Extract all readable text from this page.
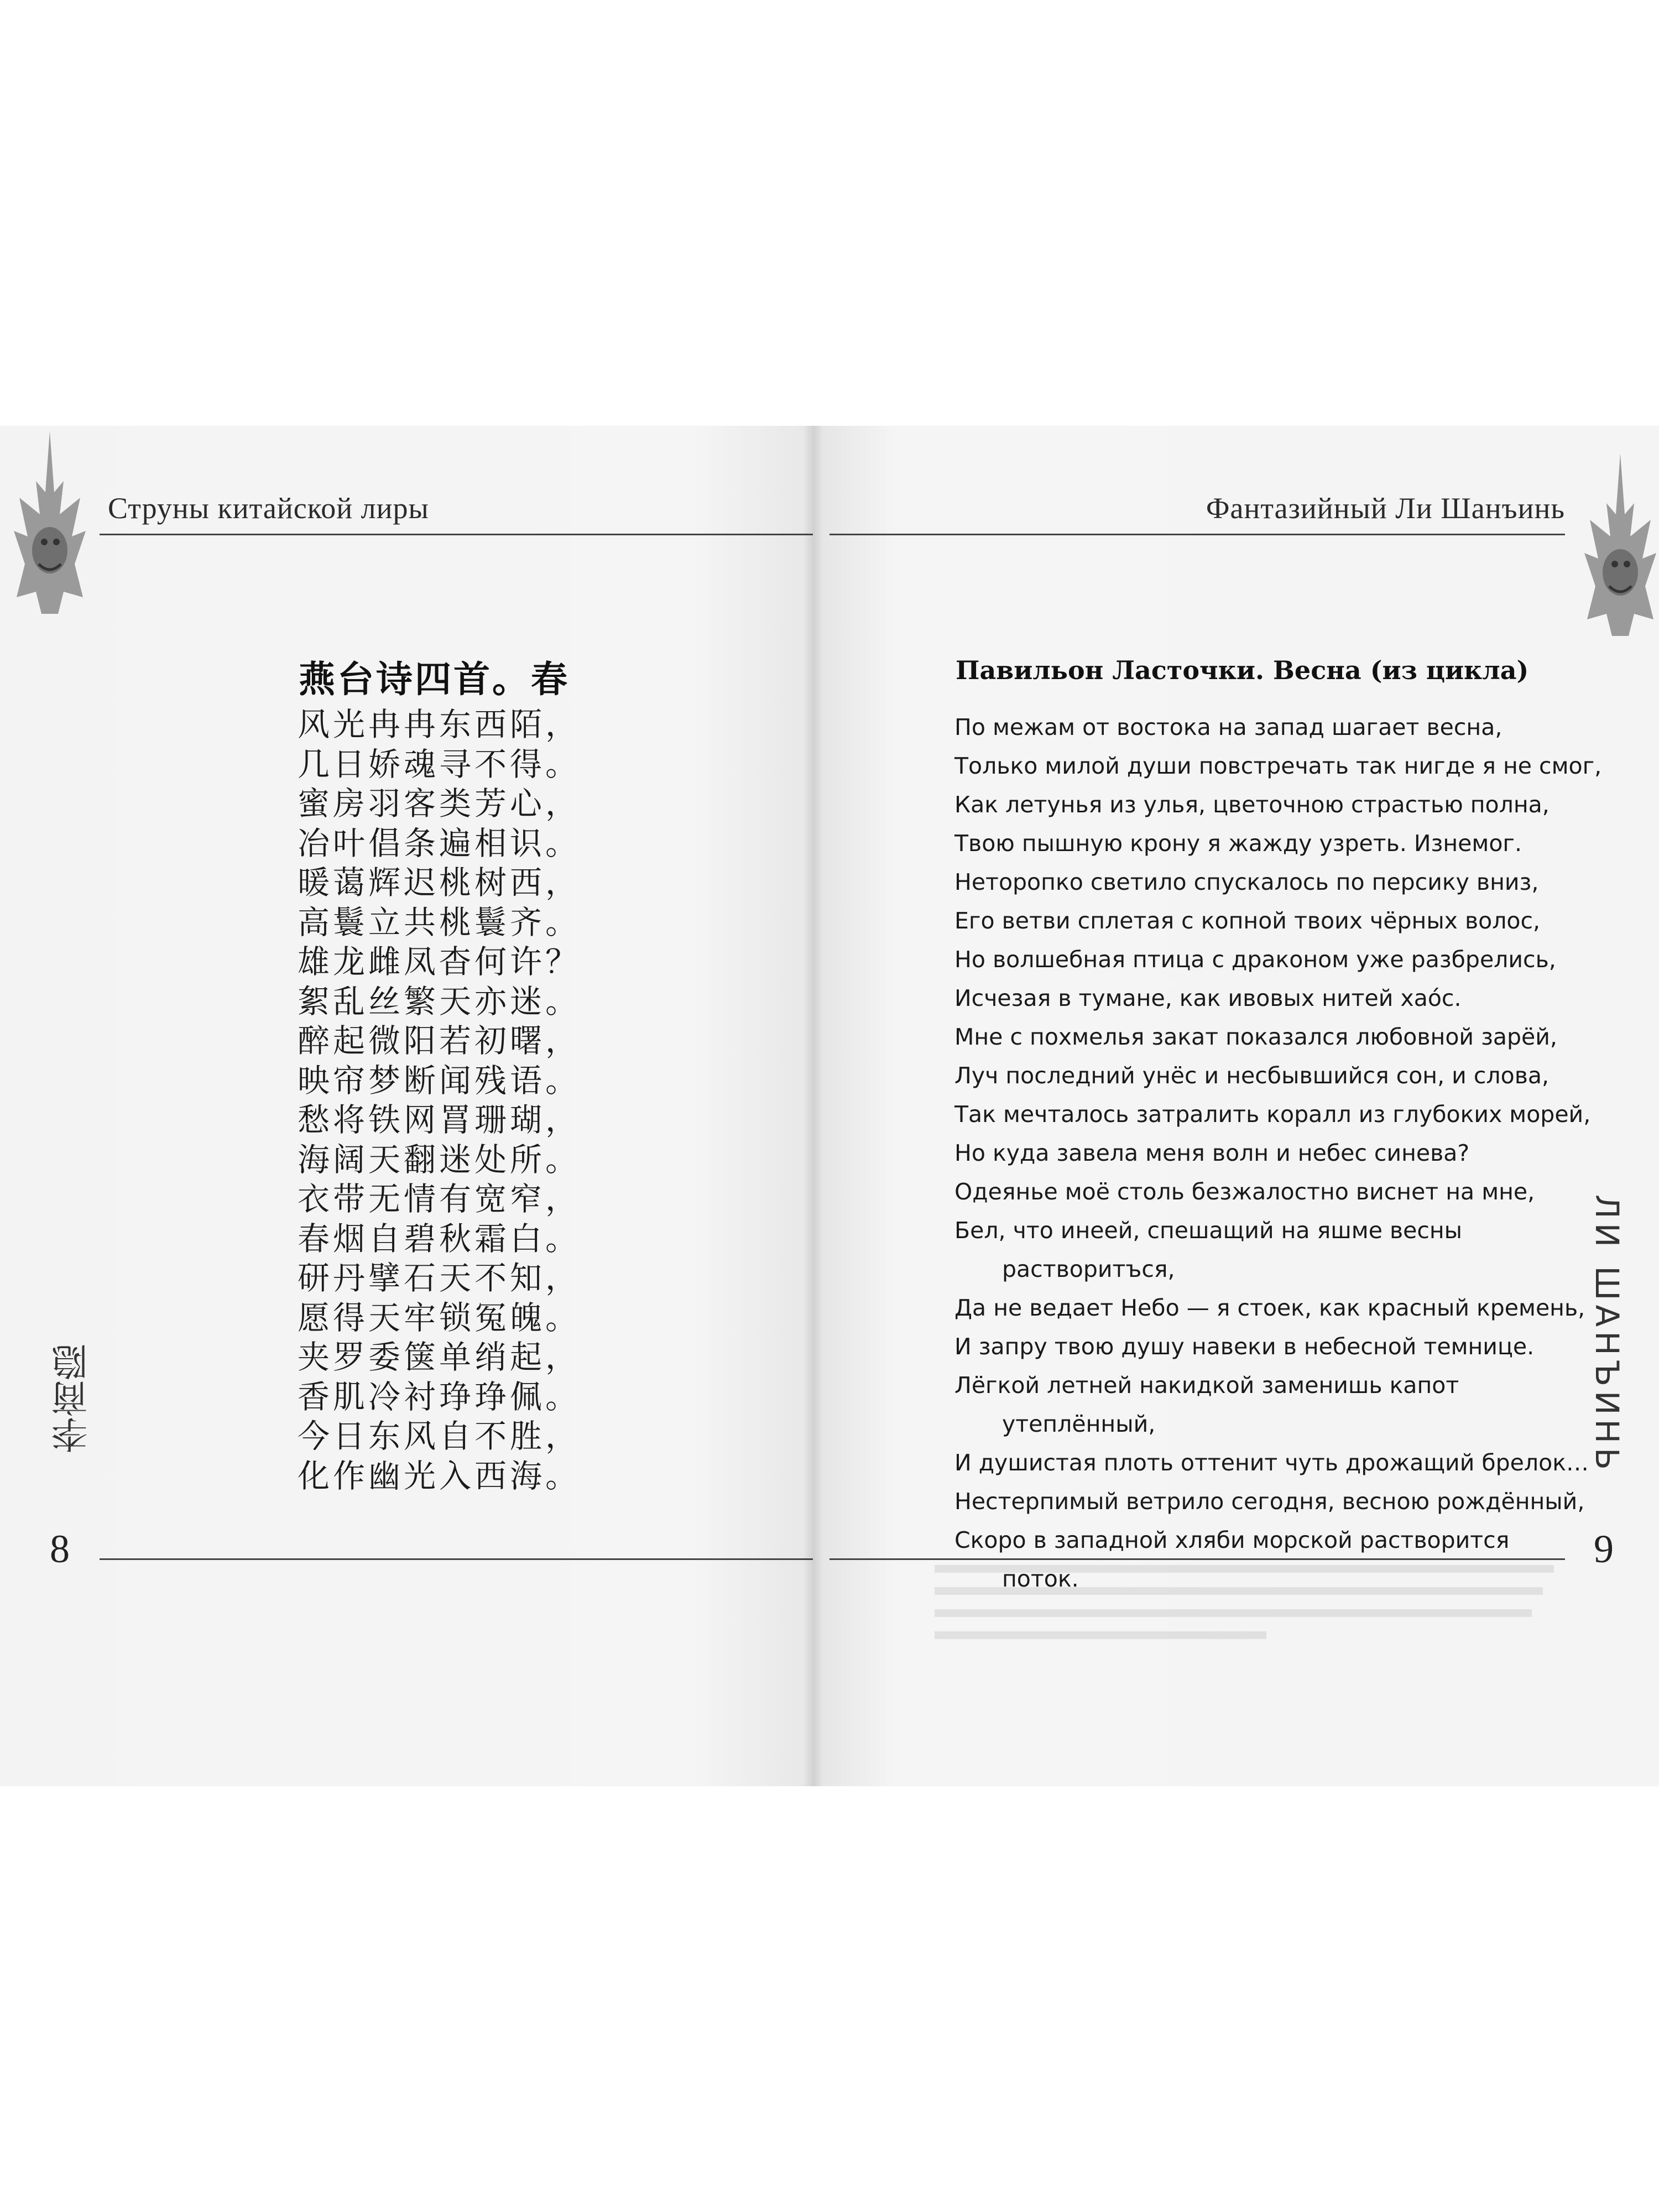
Струны китайской лиры	Фантазийный Ли Шанъинь
燕台诗四首。春
风光冉冉东西陌，
几日娇魂寻不得。
蜜房羽客类芳心，
冶叶倡条遍相识。
暖蔼辉迟桃树西，
高鬟立共桃鬟齐。
雄龙雌凤杳何许？
絮乱丝繁天亦迷。
醉起微阳若初曙，
映帘梦断闻残语。
愁将铁网罥珊瑚，
海阔天翻迷处所。
衣带无情有宽窄，
春烟自碧秋霜白。
研丹擘石天不知，
愿得天牢锁冤魄。
夹罗委箧单绡起，
香肌冷衬琤琤佩。
今日东风自不胜，
化作幽光入西海。
Павильон Ласточки. Весна (из цикла)
По межам от востока на запад шагает весна,
Только милой души повстречать так нигде я не смог,
Как летунья из улья, цветочною страстью полна,
Твою пышную крону я жажду узреть. Изнемог.
Неторопко светило спускалось по персику вниз,
Его ветви сплетая с копной твоих чёрных волос,
Но волшебная птица с драконом уже разбрелись,
Исчезая в тумане, как ивовых нитей хао́с.
Мне с похмелья закат показался любовной зарёй,
Луч последний унёс и несбывшийся сон, и слова,
Так мечталось затралить коралл из глубоких морей,
Но куда завела меня волн и небес синева?
Одеянье моё столь безжалостно виснет на мне,
Бел, что инеей, спешащий на яшме весны
растворитъся,
Да не ведает Небо — я стоек, как красный кремень,
И запру твою душу навеки в небесной темнице.
Лёгкой летней накидкой заменишь капот
утеплённый,
И душистая плоть оттенит чуть дрожащий брелок…
Нестерпимый ветрило сегодня, весною рождённый,
Скоро в западной хляби морской растворится
поток.
李商隐	ЛИ ШАНЪИНЬ
8	9
